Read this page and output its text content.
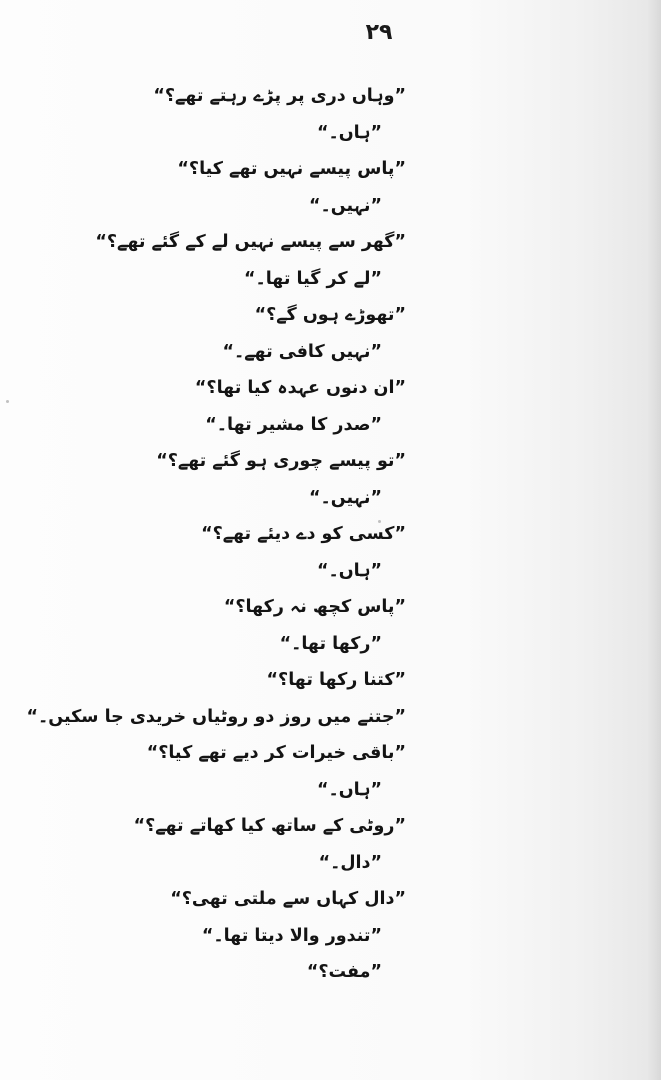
۲۹
”وہاں دری پر پڑے رہتے تھے؟“
”ہاں۔“
”پاس پیسے نہیں تھے کیا؟“
”نہیں۔“
”گھر سے پیسے نہیں لے کے گئے تھے؟“
”لے کر گیا تھا۔“
”تھوڑے ہوں گے؟“
”نہیں کافی تھے۔“
”ان دنوں عہدہ کیا تھا؟“
”صدر کا مشیر تھا۔“
”تو پیسے چوری ہو گئے تھے؟“
”نہیں۔“
”کسی کو دے دیئے تھے؟“
”ہاں۔“
”پاس کچھ نہ رکھا؟“
”رکھا تھا۔“
”کتنا رکھا تھا؟“
”جتنے میں روز دو روٹیاں خریدی جا سکیں۔“
”باقی خیرات کر دیے تھے کیا؟“
”ہاں۔“
”روٹی کے ساتھ کیا کھاتے تھے؟“
”دال۔“
”دال کہاں سے ملتی تھی؟“
”تندور والا دیتا تھا۔“
”مفت؟“
